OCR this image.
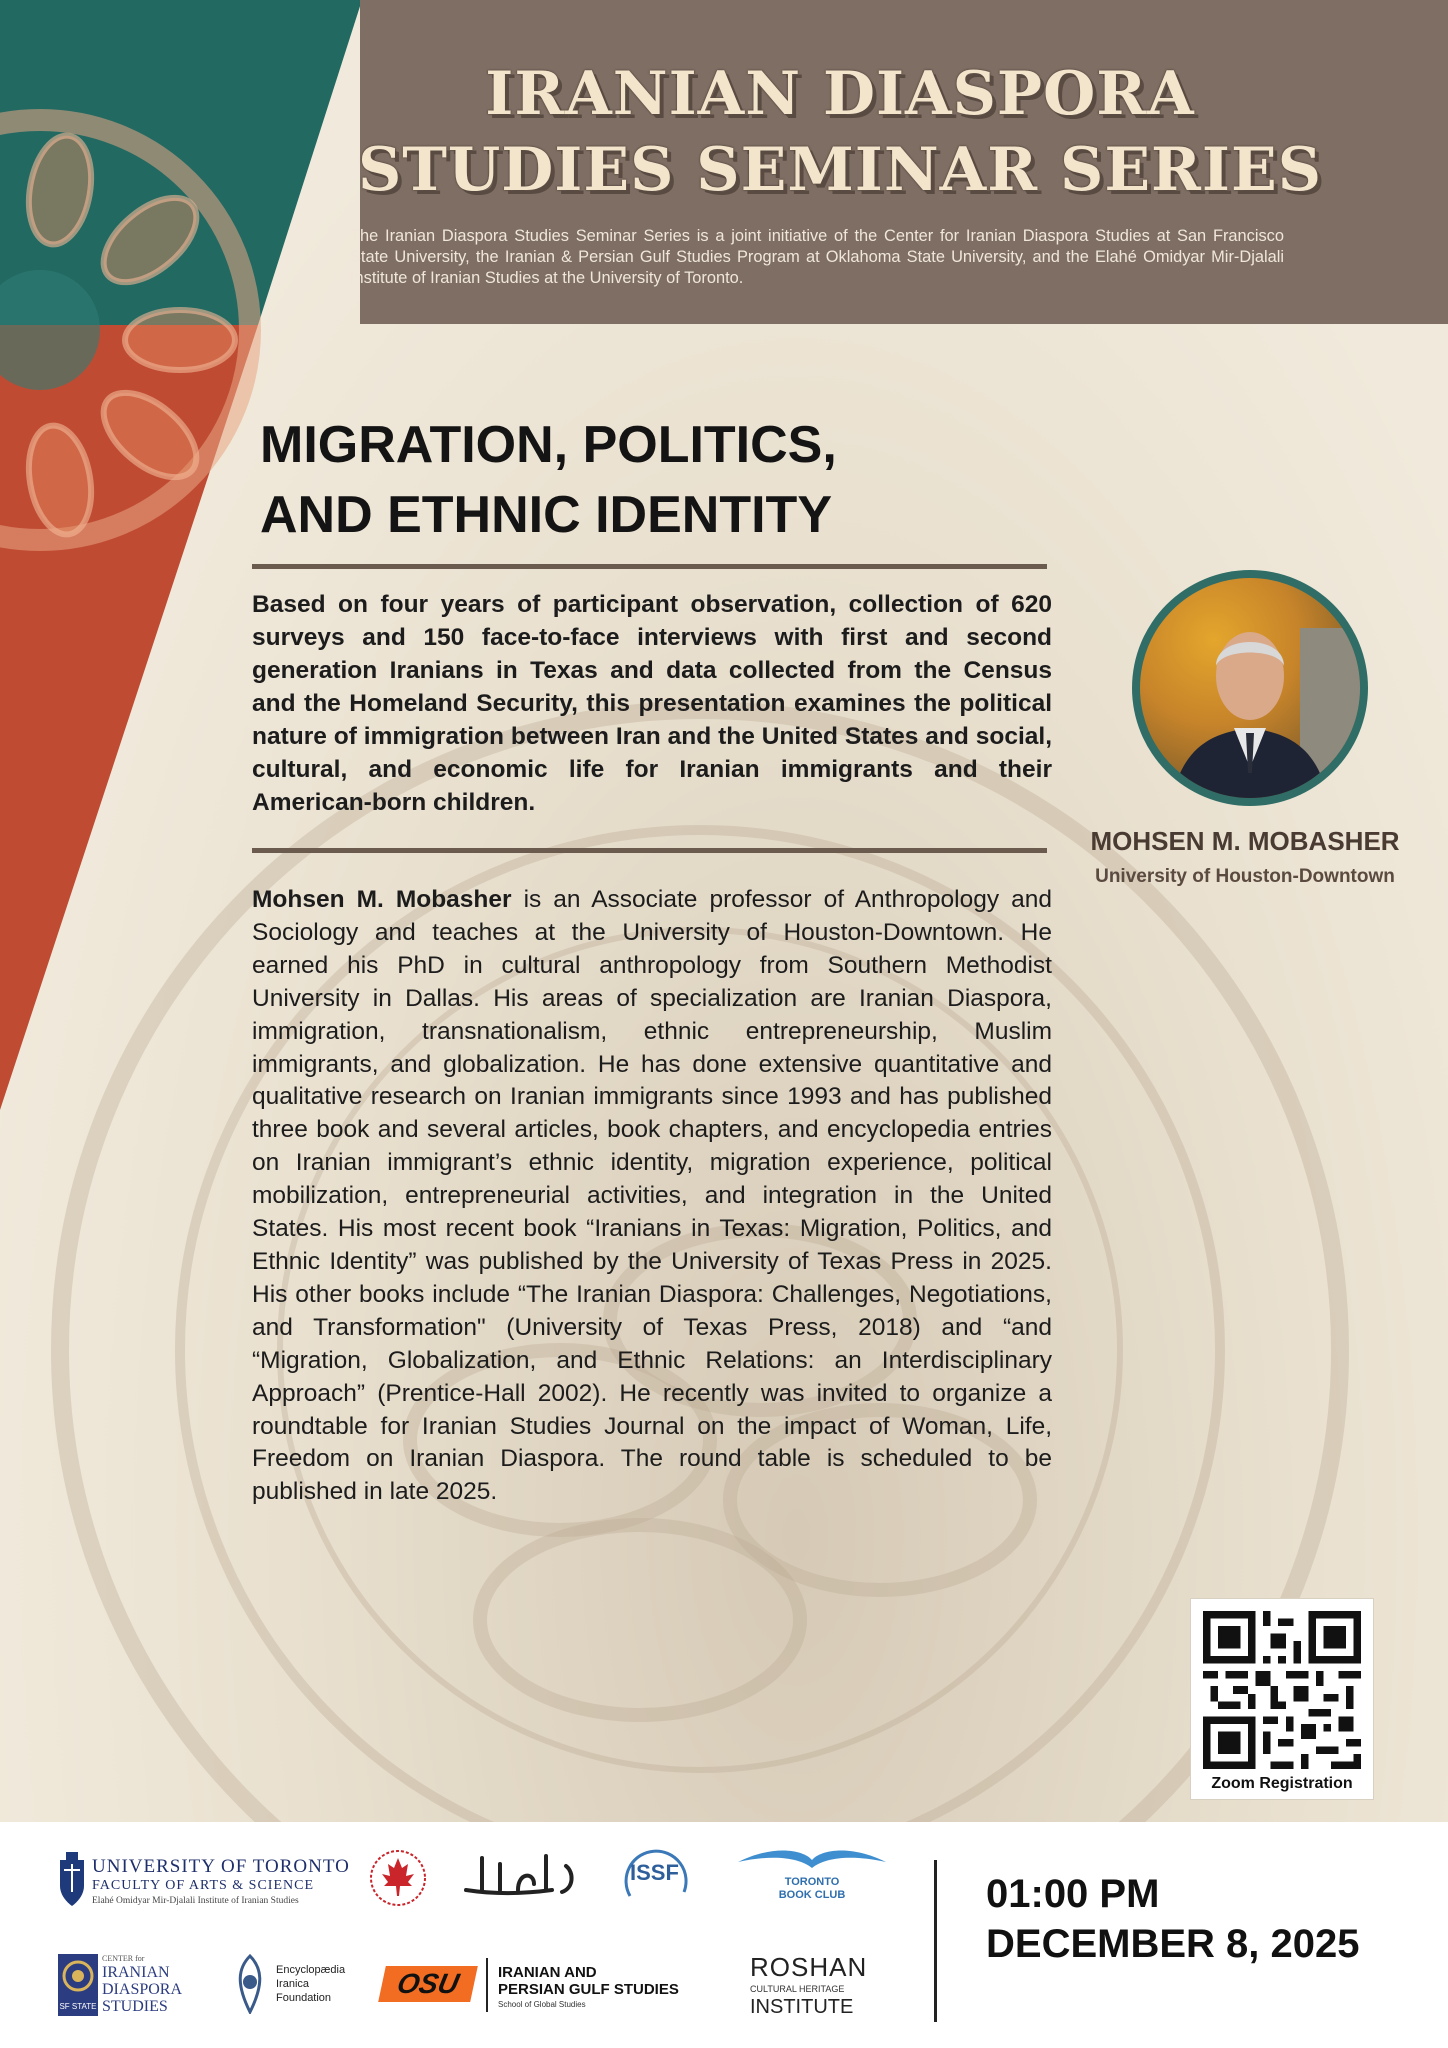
IRANIAN DIASPORA
STUDIES SEMINAR SERIES
The Iranian Diaspora Studies Seminar Series is a joint initiative of the Center for Iranian Diaspora Studies at San Francisco State University, the Iranian & Persian Gulf Studies Program at Oklahoma State University, and the Elahé Omidyar Mir-Djalali Institute of Iranian Studies at the University of Toronto.
MIGRATION, POLITICS,
AND ETHNIC IDENTITY
Based on four years of participant observation, collection of 620 surveys and 150 face-to-face interviews with first and second generation Iranians in Texas and data collected from the Census and the Homeland Security, this presentation examines the political nature of immigration between Iran and the United States and social, cultural, and economic life for Iranian immigrants and their American-born children.
Mohsen M. Mobasher is an Associate professor of Anthropology and Sociology and teaches at the University of Houston-Downtown. He earned his PhD in cultural anthropology from Southern Methodist University in Dallas. His areas of specialization are Iranian Diaspora, immigration, transnationalism, ethnic entrepreneurship, Muslim immigrants, and globalization. He has done extensive quantitative and qualitative research on Iranian immigrants since 1993 and has published three book and several articles, book chapters, and encyclopedia entries on Iranian immigrant’s ethnic identity, migration experience, political mobilization, entrepreneurial activities, and integration in the United States. His most recent book “Iranians in Texas: Migration, Politics, and Ethnic Identity” was published by the University of Texas Press in 2025. His other books include “The Iranian Diaspora: Challenges, Negotiations, and Transformation" (University of Texas Press, 2018) and “and “Migration, Globalization, and Ethnic Relations: an Interdisciplinary Approach” (Prentice-Hall 2002). He recently was invited to organize a roundtable for Iranian Studies Journal on the impact of Woman, Life, Freedom on Iranian Diaspora. The round table is scheduled to be published in late 2025.
MOHSEN M. MOBASHER
University of Houston-Downtown
Zoom Registration
UNIVERSITY OF TORONTO
FACULTY OF ARTS & SCIENCE
Elahé Omidyar Mir-Djalali Institute of Iranian Studies
ISSF	TORONTO
BOOK CLUB
SF STATE
CENTER for
IRANIAN
DIASPORA
STUDIES
Encyclopædia
Iranica
Foundation	OSU	IRANIAN AND
PERSIAN GULF STUDIES
School of Global Studies
ROSHAN
CULTURAL HERITAGE
INSTITUTE
01:00 PM
DECEMBER 8, 2025
